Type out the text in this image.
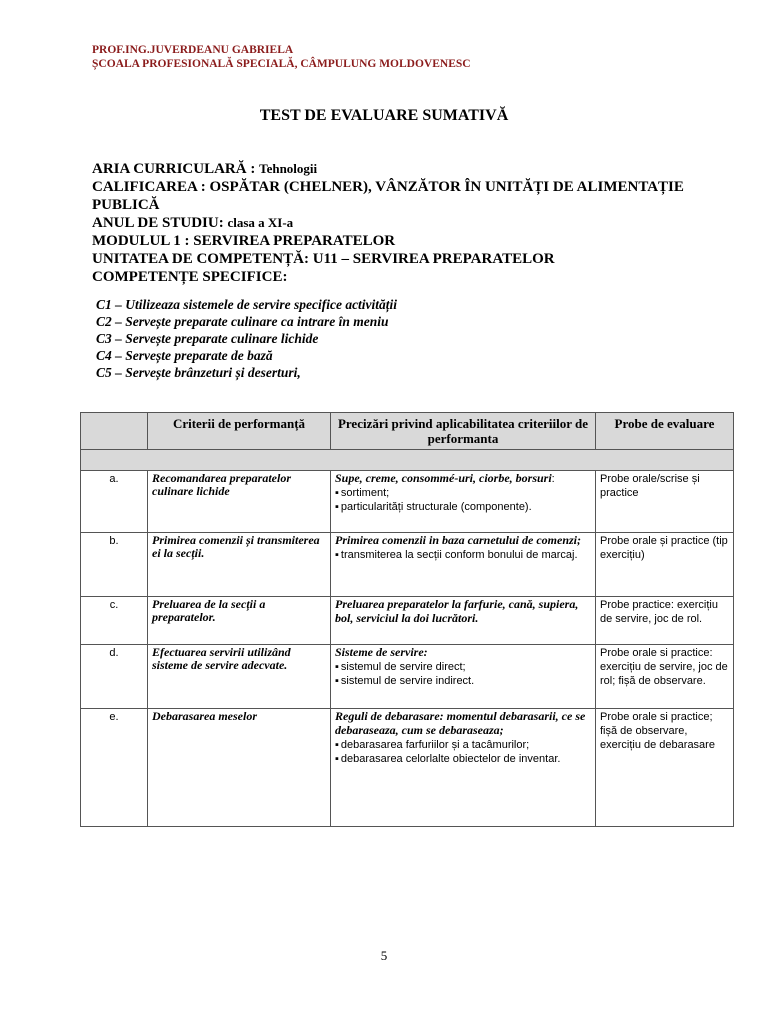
PROF.ING.JUVERDEANU GABRIELA
ȘCOALA PROFESIONALĂ SPECIALĂ, CÂMPULUNG MOLDOVENESC
TEST DE EVALUARE SUMATIVĂ
ARIA CURRICULARĂ : Tehnologii
CALIFICAREA : OSPĂTAR (CHELNER), VÂNZĂTOR ÎN UNITĂȚI DE ALIMENTAȚIE PUBLICĂ
ANUL DE STUDIU: clasa a XI-a
MODULUL 1 : SERVIREA PREPARATELOR
UNITATEA DE COMPETENȚĂ: U11 – SERVIREA PREPARATELOR
COMPETENȚE SPECIFICE:
C1 – Utilizeaza sistemele de servire specifice activității
C2 – Servește preparate culinare ca intrare în meniu
C3 – Servește preparate culinare lichide
C4 – Servește preparate de bază
C5 – Servește brânzeturi și deserturi,
	Criterii de performanță	Precizări privind aplicabilitatea criteriilor de performanta	Probe de evaluare

a.	Recomandarea preparatelor culinare lichide	Supe, creme, consommé-uri, ciorbe, borsuri:
▪ sortiment;
▪ particularități structurale (componente).	Probe orale/scrise și practice
b.	Primirea comenzii și transmiterea ei la secții.	Primirea comenzii in baza carnetului de comenzi;
▪ transmiterea la secții conform bonului de marcaj.	Probe orale și practice (tip exercițiu)
c.	Preluarea de la secții a preparatelor.	Preluarea preparatelor la farfurie, cană, supiera, bol, serviciul la doi lucrători.	Probe practice: exercițiu de servire, joc de rol.
d.	Efectuarea servirii utilizând sisteme de servire adecvate.	Sisteme de servire:
▪ sistemul de servire direct;
▪ sistemul de servire indirect.	Probe orale si practice: exercițiu de servire, joc de rol; fișă de observare.
e.	Debarasarea meselor	Reguli de debarasare: momentul debarasarii, ce se debaraseaza, cum se debaraseaza;
▪ debarasarea farfuriilor și a tacâmurilor;
▪ debarasarea celorlalte obiectelor de inventar.	Probe orale si practice; fișă de observare, exercițiu de debarasare
5
